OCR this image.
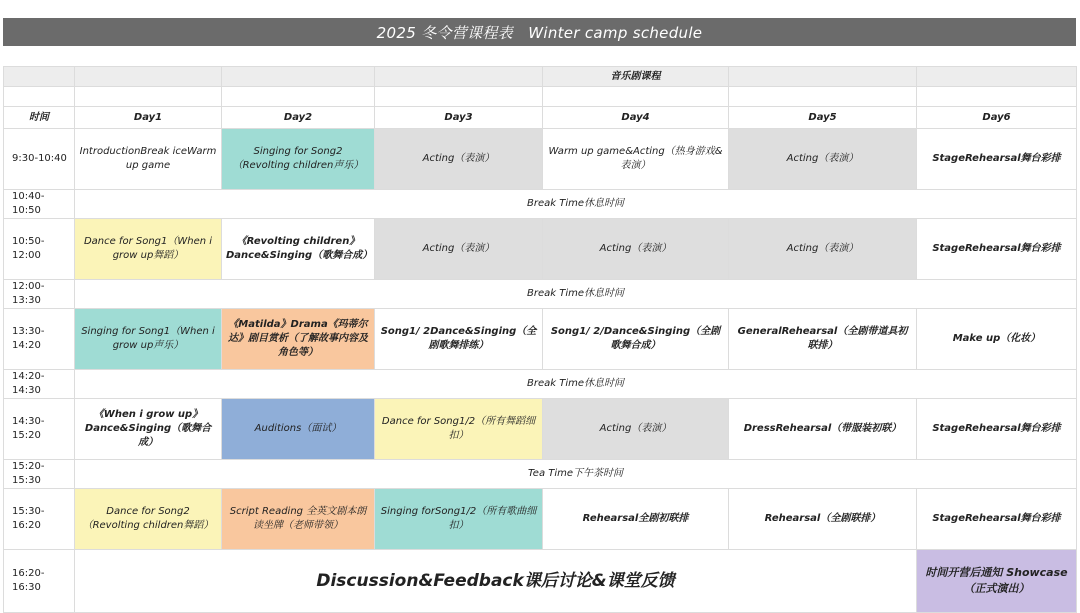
2025 冬令营课程表　Winter camp schedule
				音乐剧课程		

时间	Day1	Day2	Day3	Day4	Day5	Day6
9:30-10:40	IntroductionBreak iceWarm up game	Singing for Song2（Revolting children声乐）	Acting（表演）	Warm up game&Acting（热身游戏&表演）	Acting（表演）	StageRehearsal舞台彩排
10:40-10:50	Break Time休息时间					
10:50-12:00	Dance for Song1（When i grow up舞蹈）	《Revolting children》Dance&Singing（歌舞合成）	Acting（表演）	Acting（表演）	Acting（表演）	StageRehearsal舞台彩排
12:00-13:30	Break Time休息时间					
13:30-14:20	Singing for Song1（When i grow up声乐）	《Matilda》Drama《玛蒂尔达》剧目赏析（了解故事内容及角色等）	Song1/ 2Dance&Singing（全剧歌舞排练）	Song1/ 2/Dance&Singing（全剧歌舞合成）	GeneralRehearsal（全剧带道具初联排）	Make up（化妆）
14:20-14:30	Break Time休息时间					
14:30-15:20	《When i grow up》Dance&Singing（歌舞合成）	Auditions（面试）	Dance for Song1/2（所有舞蹈细扣）	Acting（表演）	DressRehearsal（带服装初联）	StageRehearsal舞台彩排
15:20-15:30	Tea Time下午茶时间					
15:30-16:20	Dance for Song2（Revolting children舞蹈）	Script Reading 全英文剧本朗读坐牌（老师带领）	Singing forSong1/2（所有歌曲细扣）	Rehearsal全剧初联排	Rehearsal（全剧联排）	StageRehearsal舞台彩排
16:20-16:30	Discussion&Feedback课后讨论&课堂反馈					时间开营后通知 Showcase （正式演出）
